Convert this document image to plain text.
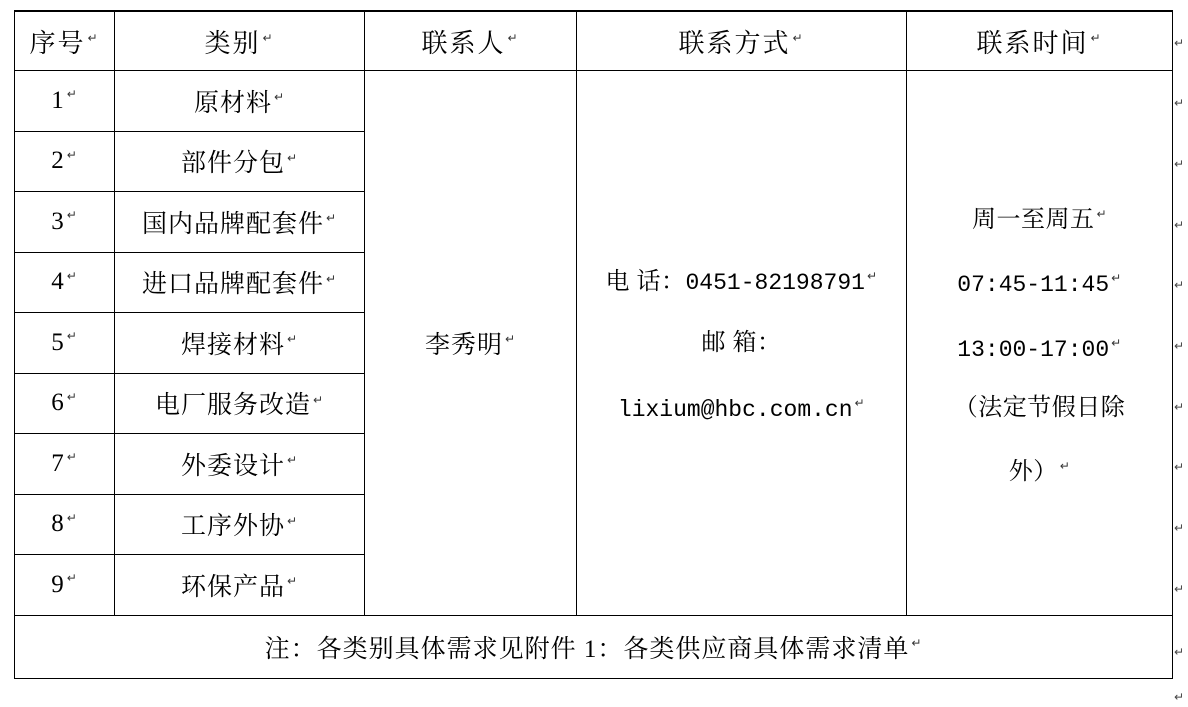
序号 ↵	类别 ↵	联系人 ↵	联系方式 ↵	联系时间 ↵
1 ↵	原材料 ↵	李秀明 ↵	电 话：0451-82198791 ↵
邮 箱：
lixium@hbc.com.cn ↵	周一至周五 ↵
07:45-11:45 ↵
13:00-17:00 ↵
（法定节假日除
外） ↵

2 ↵	部件分包 ↵
3 ↵	国内品牌配套件 ↵
4 ↵	进口品牌配套件 ↵
5 ↵	焊接材料 ↵
6 ↵	电厂服务改造 ↵
7 ↵	外委设计 ↵
8 ↵	工序外协 ↵
9 ↵	环保产品 ↵
注：各类别具体需求见附件 1：各类供应商具体需求清单 ↵
↵
↵
↵
↵
↵
↵
↵
↵
↵
↵
↵
↵
